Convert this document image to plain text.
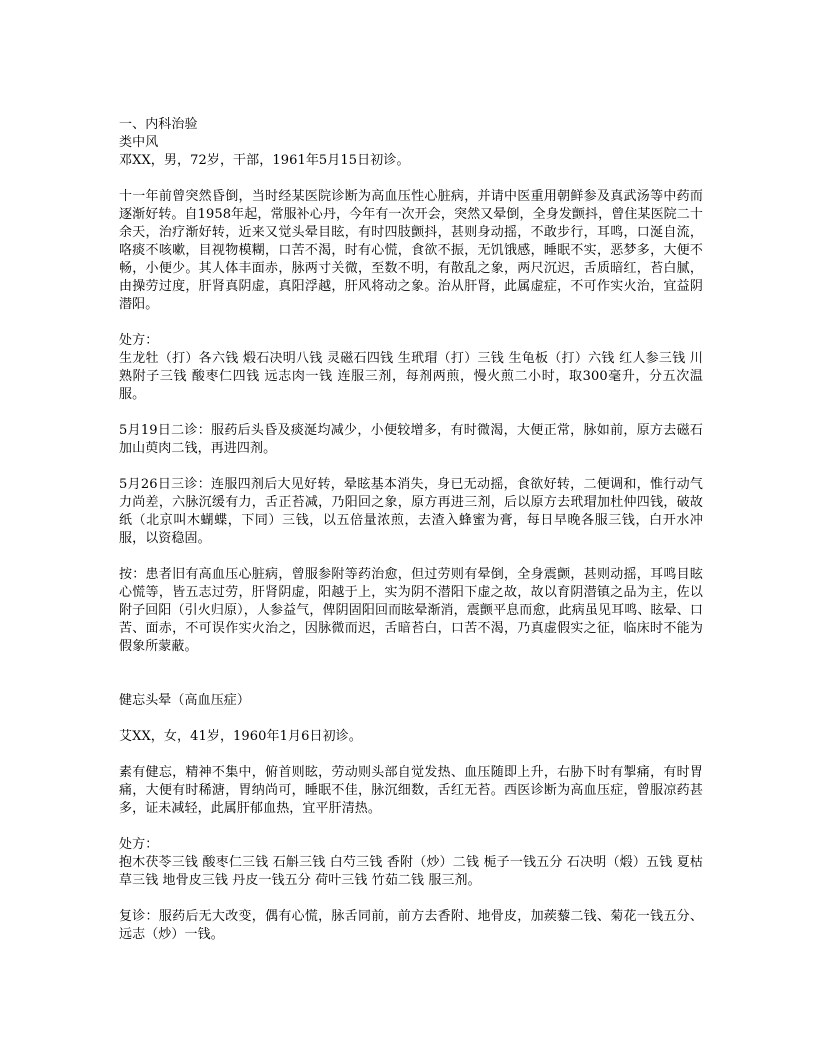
一、内科治验

类中风

邓XX，男，72岁，干部，1961年5月15日初诊。

十一年前曾突然昏倒，当时经某医院诊断为高血压性心脏病，并请中医重用朝鲜参及真武汤等中药而逐渐好转。自1958年起，常服补心丹，今年有一次开会，突然又晕倒，全身发颤抖，曾住某医院二十余天，治疗渐好转，近来又觉头晕目眩，有时四肢颤抖，甚则身动摇，不敢步行，耳鸣，口涎自流，咯痰不咳嗽，目视物模糊，口苦不渴，时有心慌，食欲不振，无饥饿感，睡眠不实，恶梦多，大便不畅，小便少。其人体丰面赤，脉两寸关微，至数不明，有散乱之象，两尺沉迟，舌质暗红，苔白腻，由操劳过度，肝肾真阴虚，真阳浮越，肝风将动之象。治从肝肾，此属虚症，不可作实火治，宜益阴潜阳。

处方：

生龙牡（打）各六钱 煅石决明八钱 灵磁石四钱 生玳瑁（打）三钱 生龟板（打）六钱 红人参三钱 川熟附子三钱 酸枣仁四钱 远志肉一钱 连服三剂，每剂两煎，慢火煎二小时，取300毫升，分五次温服。

5月19日二诊：服药后头昏及痰涎均减少，小便较增多，有时微渴，大便正常，脉如前，原方去磁石加山萸肉二钱，再进四剂。

5月26日三诊：连服四剂后大见好转，晕眩基本消失，身已无动摇，食欲好转，二便调和，惟行动气力尚差，六脉沉缓有力，舌正苔减，乃阳回之象，原方再进三剂，后以原方去玳瑁加杜仲四钱，破故纸（北京叫木蝴蝶，下同）三钱，以五倍量浓煎，去渣入蜂蜜为膏，每日早晚各服三钱，白开水冲服，以资稳固。

按：患者旧有高血压心脏病，曾服参附等药治愈，但过劳则有晕倒，全身震颤，甚则动摇，耳鸣目眩心慌等，皆五志过劳，肝肾阴虚，阳越于上，实为阴不潜阳下虚之故，故以育阴潜镇之品为主，佐以附子回阳（引火归原），人参益气，俾阴固阳回而眩晕渐消，震颤平息而愈，此病虽见耳鸣、眩晕、口苦、面赤，不可误作实火治之，因脉微而迟，舌暗苔白，口苦不渴，乃真虚假实之征，临床时不能为假象所蒙蔽。

健忘头晕（高血压症）

艾XX，女，41岁，1960年1月6日初诊。

素有健忘，精神不集中，俯首则眩，劳动则头部自觉发热、血压随即上升，右胁下时有掣痛，有时胃痛，大便有时稀溏，胃纳尚可，睡眠不佳，脉沉细数，舌红无苔。西医诊断为高血压症，曾服凉药甚多，证未减轻，此属肝郁血热，宜平肝清热。

处方：

抱木茯苓三钱 酸枣仁三钱 石斛三钱 白芍三钱 香附（炒）二钱 栀子一钱五分 石决明（煅）五钱 夏枯草三钱 地骨皮三钱 丹皮一钱五分 荷叶三钱 竹茹二钱 服三剂。

复诊：服药后无大改变，偶有心慌，脉舌同前，前方去香附、地骨皮，加蒺藜二钱、菊花一钱五分、远志（炒）一钱。
